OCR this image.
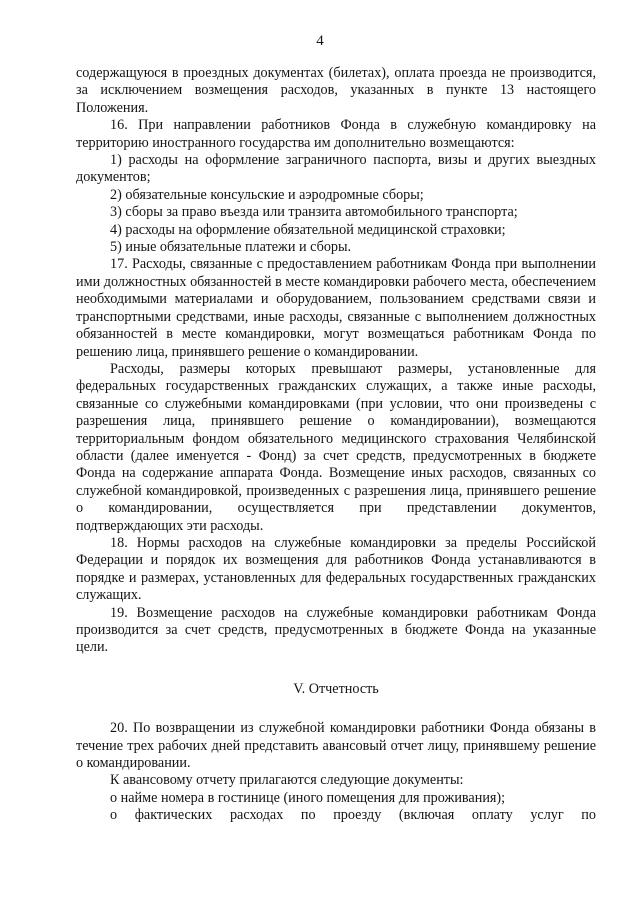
4

содержащуюся в проездных документах (билетах), оплата проезда не производится, за исключением возмещения расходов, указанных в пункте 13 настоящего Положения.

16. При направлении работников Фонда в служебную командировку на территорию иностранного государства им дополнительно возмещаются:

1) расходы на оформление заграничного паспорта, визы и других выездных документов;

2) обязательные консульские и аэродромные сборы;

3) сборы за право въезда или транзита автомобильного транспорта;

4) расходы на оформление обязательной медицинской страховки;

5) иные обязательные платежи и сборы.

17. Расходы, связанные с предоставлением работникам Фонда при выполнении ими должностных обязанностей в месте командировки рабочего места, обеспечением необходимыми материалами и оборудованием, пользованием средствами связи и транспортными средствами, иные расходы, связанные с выполнением должностных обязанностей в месте командировки, могут возмещаться работникам Фонда по решению лица, принявшего решение о командировании.

Расходы, размеры которых превышают размеры, установленные для федеральных государственных гражданских служащих, а также иные расходы, связанные со служебными командировками (при условии, что они произведены с разрешения лица, принявшего решение о командировании), возмещаются территориальным фондом обязательного медицинского страхования Челябинской области (далее именуется - Фонд) за счет средств, предусмотренных в бюджете Фонда на содержание аппарата Фонда. Возмещение иных расходов, связанных со служебной командировкой, произведенных с разрешения лица, принявшего решение о командировании, осуществляется при представлении документов, подтверждающих эти расходы.

18. Нормы расходов на служебные командировки за пределы Российской Федерации и порядок их возмещения для работников Фонда устанавливаются в порядке и размерах, установленных для федеральных государственных гражданских служащих.

19. Возмещение расходов на служебные командировки работникам Фонда производится за счет средств, предусмотренных в бюджете Фонда на указанные цели.

V. Отчетность

20. По возвращении из служебной командировки работники Фонда обязаны в течение трех рабочих дней представить авансовый отчет лицу, принявшему решение о командировании.

К авансовому отчету прилагаются следующие документы:

о найме номера в гостинице (иного помещения для проживания);

о фактических расходах по проезду (включая оплату услуг по
